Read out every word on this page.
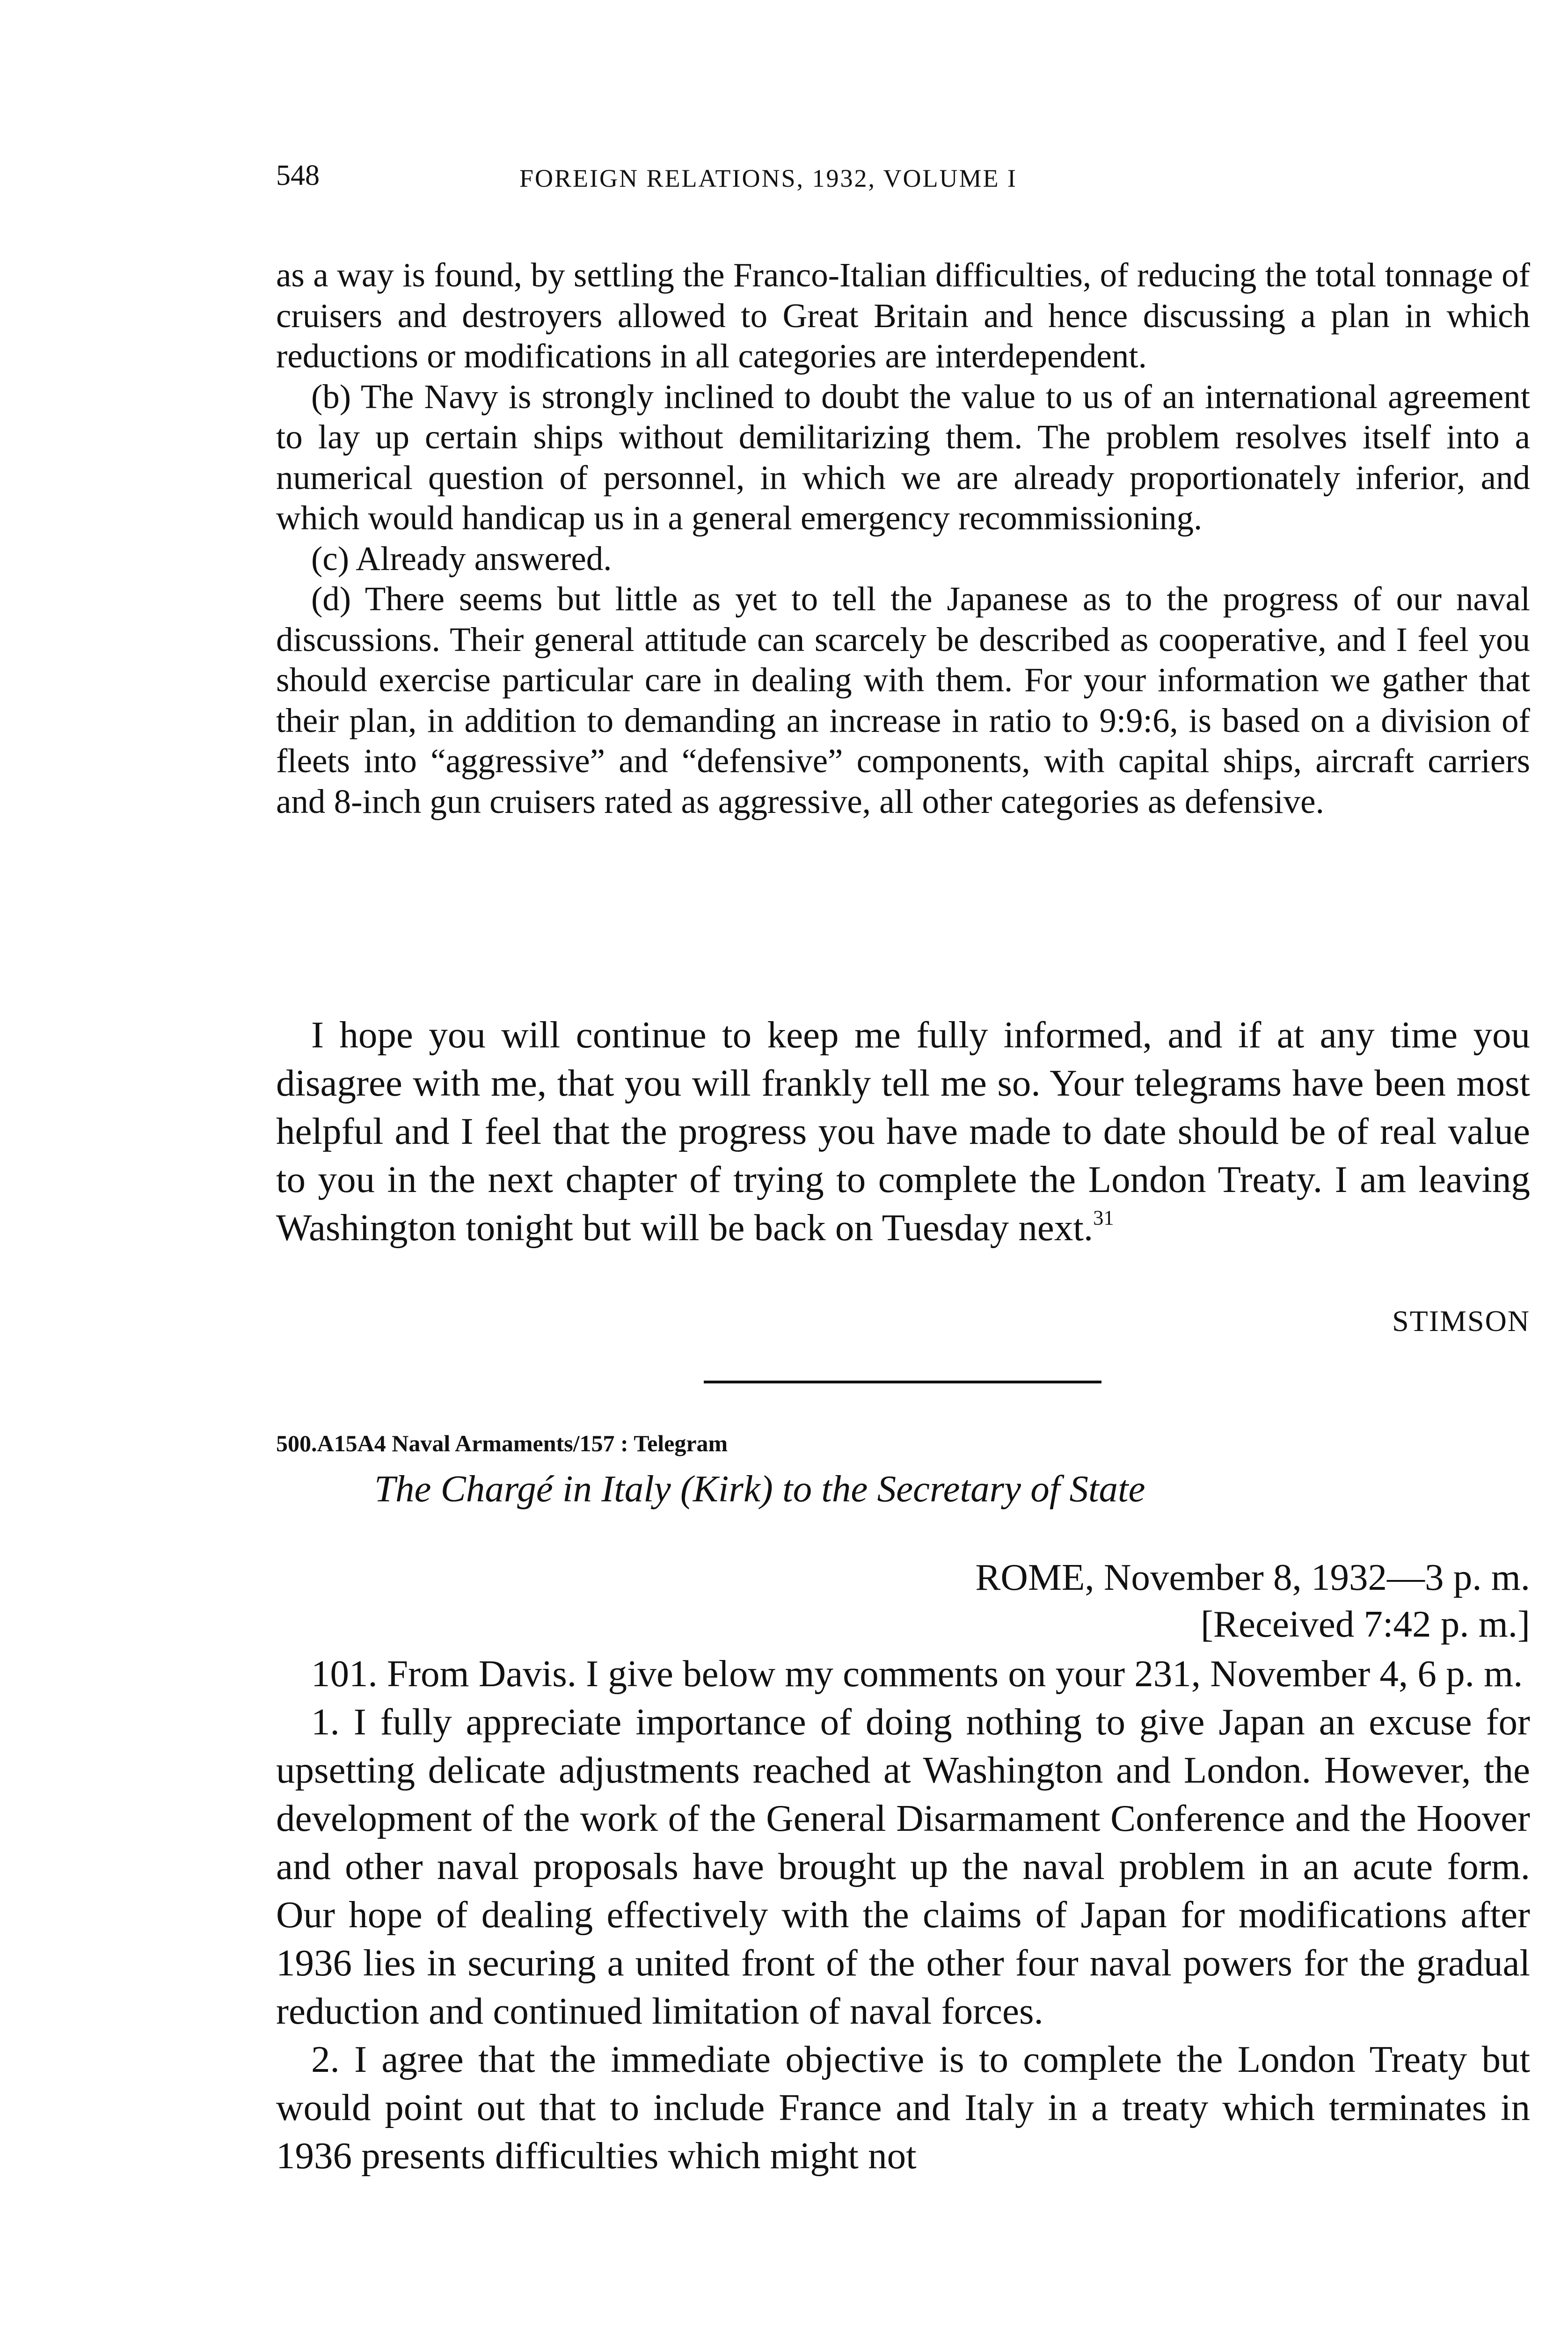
548	FOREIGN RELATIONS, 1932, VOLUME I

as a way is found, by settling the Franco-Italian difficulties, of reducing the total tonnage of cruisers and destroyers allowed to Great Britain and hence discussing a plan in which reductions or modifications in all categories are interdependent.

(b) The Navy is strongly inclined to doubt the value to us of an international agreement to lay up certain ships without demilitarizing them. The problem resolves itself into a numerical question of personnel, in which we are already proportionately inferior, and which would handicap us in a general emergency recommissioning.

(c) Already answered.

(d) There seems but little as yet to tell the Japanese as to the progress of our naval discussions. Their general attitude can scarcely be described as cooperative, and I feel you should exercise particular care in dealing with them. For your information we gather that their plan, in addition to demanding an increase in ratio to 9:9:6, is based on a division of fleets into “aggressive” and “defensive” components, with capital ships, aircraft carriers and 8-inch gun cruisers rated as aggressive, all other categories as defensive.

I hope you will continue to keep me fully informed, and if at any time you disagree with me, that you will frankly tell me so. Your telegrams have been most helpful and I feel that the progress you have made to date should be of real value to you in the next chapter of trying to complete the London Treaty. I am leaving Washington tonight but will be back on Tuesday next.$^{31}$

STIMSON
500.A15A4 Naval Armaments/157 : Telegram
The Chargé in Italy (Kirk) to the Secretary of State
ROME, November 8, 1932—3 p. m.
[Received 7:42 p. m.]

101. From Davis. I give below my comments on your 231, November 4, 6 p. m.

1. I fully appreciate importance of doing nothing to give Japan an excuse for upsetting delicate adjustments reached at Washington and London. However, the development of the work of the General Disarmament Conference and the Hoover and other naval proposals have brought up the naval problem in an acute form. Our hope of dealing effectively with the claims of Japan for modifications after 1936 lies in securing a united front of the other four naval powers for the gradual reduction and continued limitation of naval forces.

2. I agree that the immediate objective is to complete the London Treaty but would point out that to include France and Italy in a treaty which terminates in 1936 presents difficulties which might not
